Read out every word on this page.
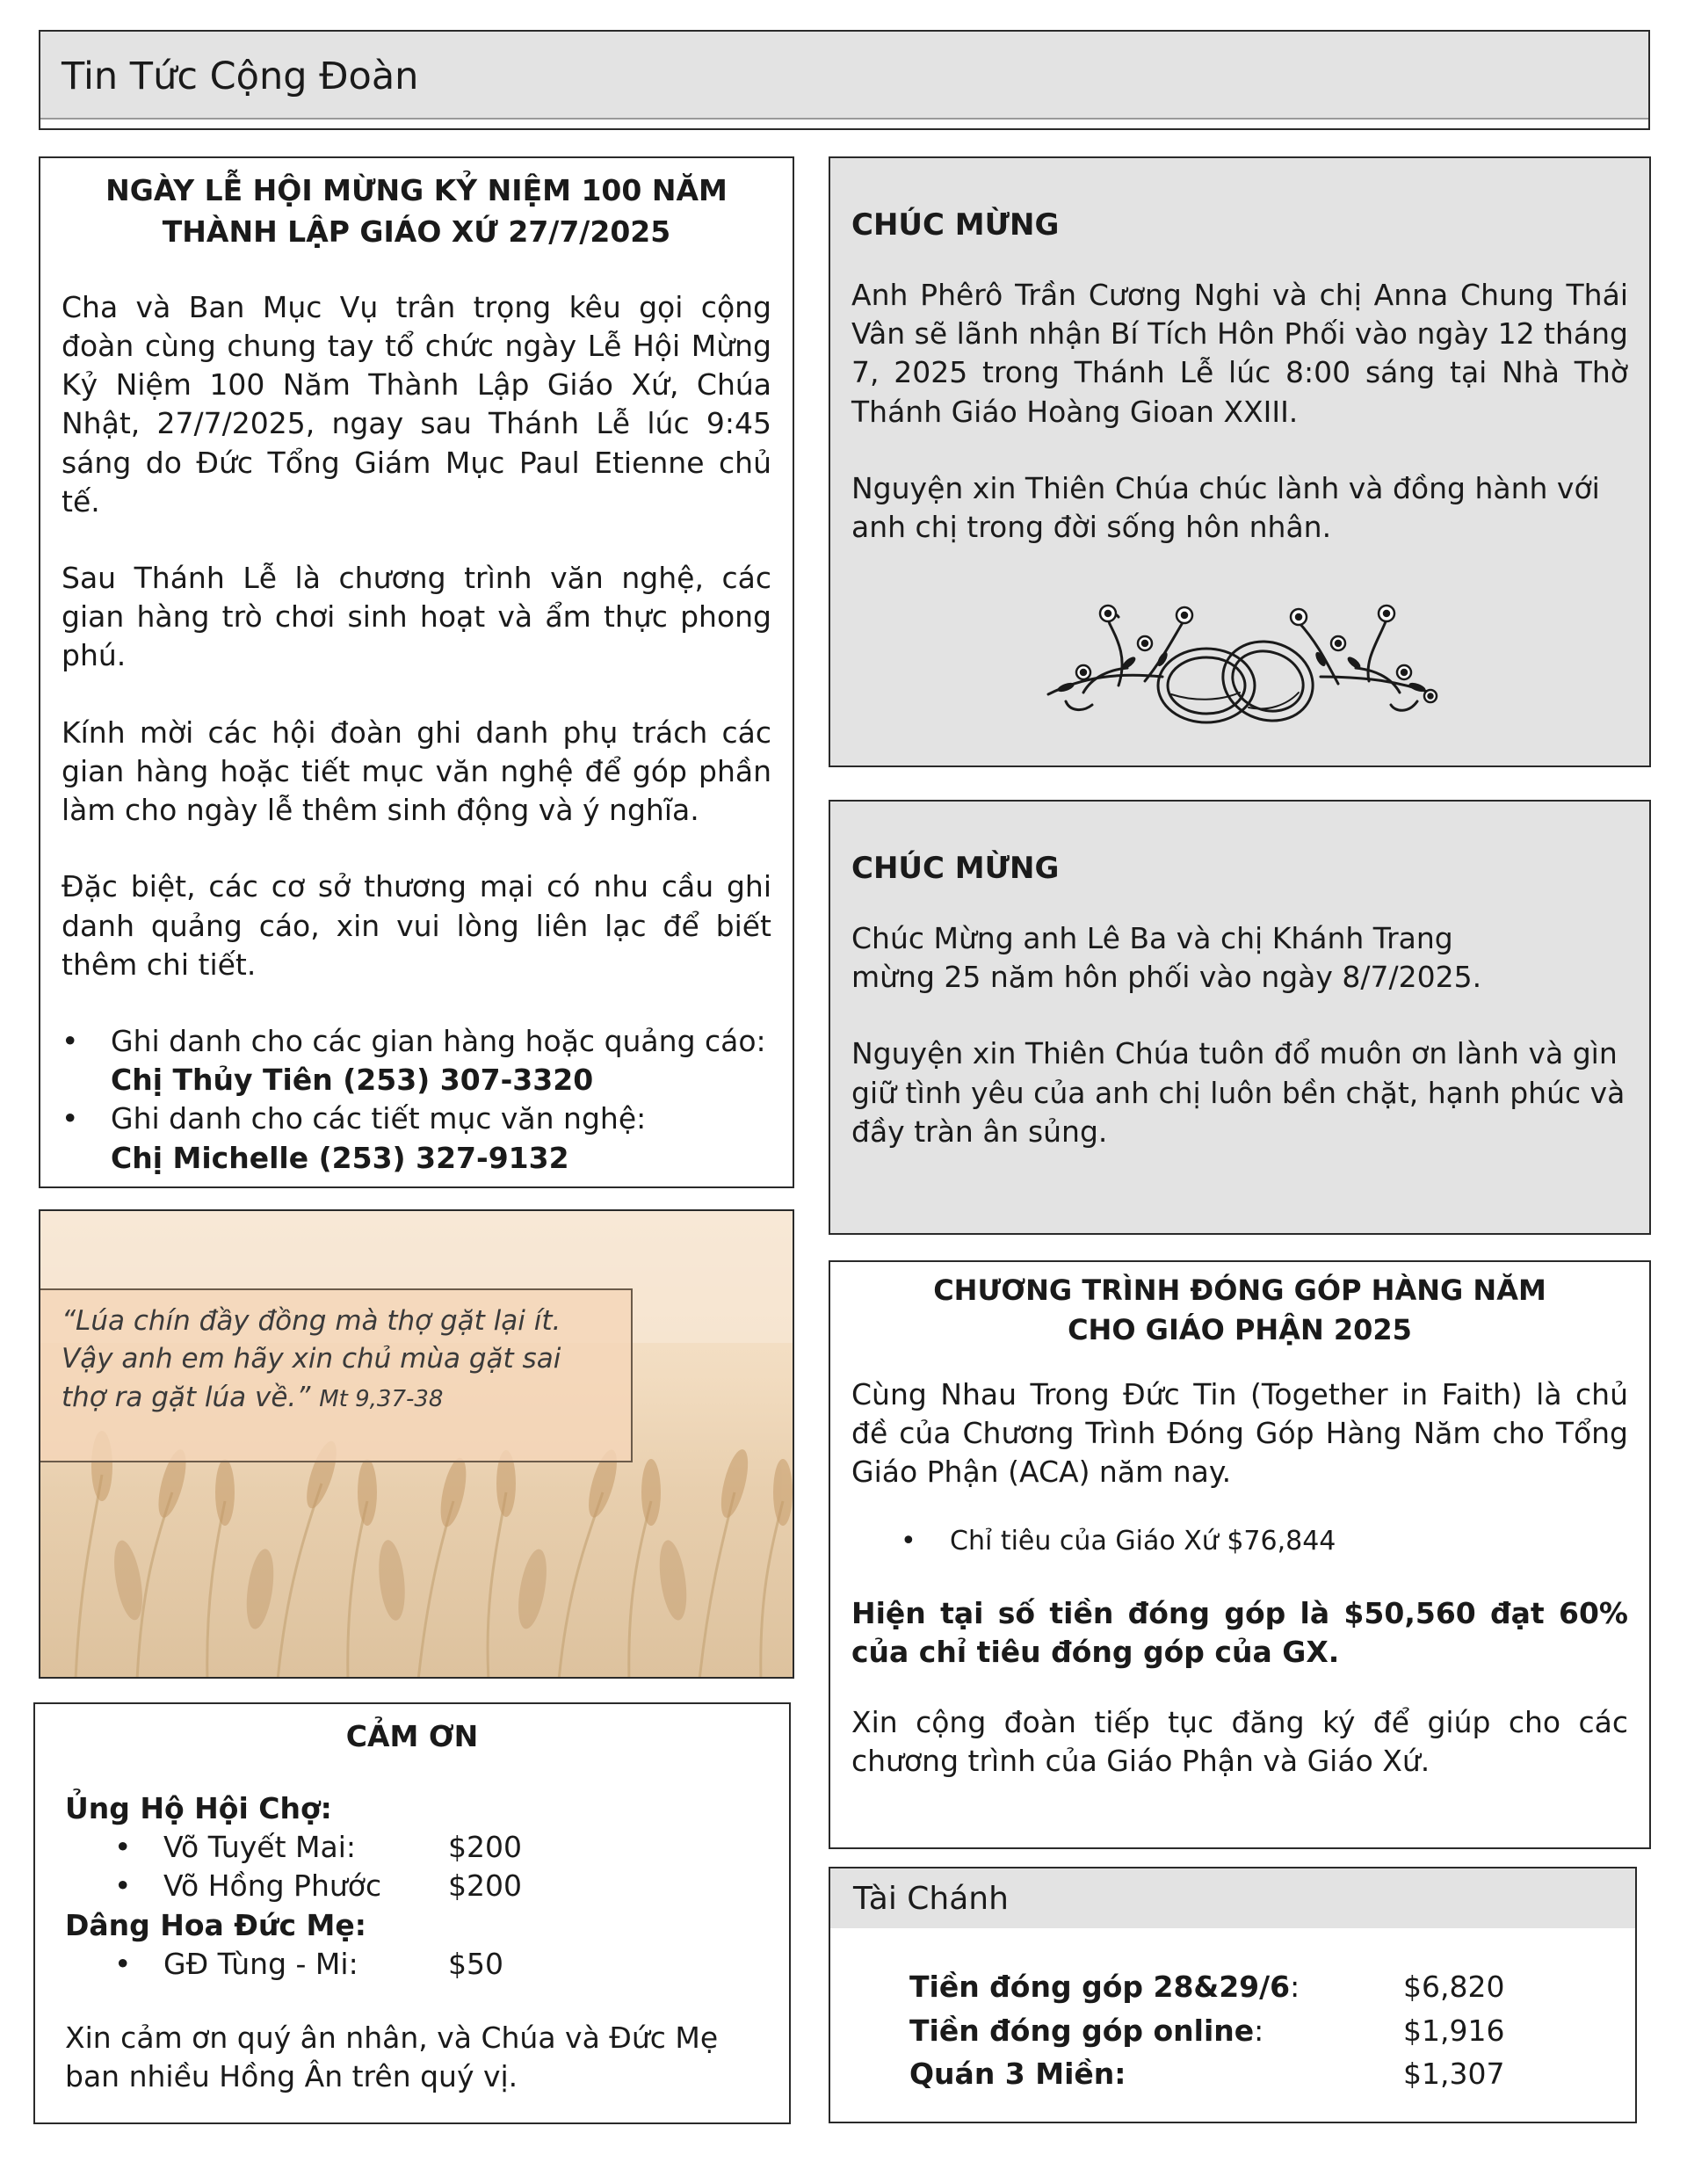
Tin Tức Cộng Đoàn
NGÀY LỄ HỘI MỪNG KỶ NIỆM 100 NĂM
THÀNH LẬP GIÁO XỨ 27/7/2025

Cha và Ban Mục Vụ trân trọng kêu gọi cộng đoàn cùng chung tay tổ chức ngày Lễ Hội Mừng Kỷ Niệm 100 Năm Thành Lập Giáo Xứ, Chúa Nhật, 27/7/2025, ngay sau Thánh Lễ lúc 9:45 sáng do Đức Tổng Giám Mục Paul Etienne chủ tế.

Sau Thánh Lễ là chương trình văn nghệ, các gian hàng trò chơi sinh hoạt và ẩm thực phong phú.

Kính mời các hội đoàn ghi danh phụ trách các gian hàng hoặc tiết mục văn nghệ để góp phần làm cho ngày lễ thêm sinh động và ý nghĩa.

Đặc biệt, các cơ sở thương mại có nhu cầu ghi danh quảng cáo, xin vui lòng liên lạc để biết thêm chi tiết.

• Ghi danh cho các gian hàng hoặc quảng cáo:
Chị Thủy Tiên (253) 307-3320
• Ghi danh cho các tiết mục văn nghệ:
Chị Michelle (253) 327-9132
CHÚC MỪNG

Anh Phêrô Trần Cương Nghi và chị Anna Chung Thái Vân sẽ lãnh nhận Bí Tích Hôn Phối vào ngày 12 tháng 7, 2025 trong Thánh Lễ lúc 8:00 sáng tại Nhà Thờ Thánh Giáo Hoàng Gioan XXIII.

Nguyện xin Thiên Chúa chúc lành và đồng hành với anh chị trong đời sống hôn nhân.

CHÚC MỪNG

Chúc Mừng anh Lê Ba và chị Khánh Trang
mừng 25 năm hôn phối vào ngày 8/7/2025.

Nguyện xin Thiên Chúa tuôn đổ muôn ơn lành và gìn giữ tình yêu của anh chị luôn bền chặt, hạnh phúc và đầy tràn ân sủng.

“Lúa chín đầy đồng mà thợ gặt lại ít. Vậy anh em hãy xin chủ mùa gặt sai thợ ra gặt lúa về.” Mt 9,37-38

CHƯƠNG TRÌNH ĐÓNG GÓP HÀNG NĂM
CHO GIÁO PHẬN 2025

Cùng Nhau Trong Đức Tin (Together in Faith) là chủ đề của Chương Trình Đóng Góp Hàng Năm cho Tổng Giáo Phận (ACA) năm nay.

• Chỉ tiêu của Giáo Xứ $76,844

Hiện tại số tiền đóng góp là $50,560 đạt 60% của chỉ tiêu đóng góp của GX.

Xin cộng đoàn tiếp tục đăng ký để giúp cho các chương trình của Giáo Phận và Giáo Xứ.

CẢM ƠN
Ủng Hộ Hội Chợ:
• Võ Tuyết Mai:	$200
• Võ Hồng Phước	$200
Dâng Hoa Đức Mẹ:
• GĐ Tùng - Mi:	$50

Xin cảm ơn quý ân nhân, và Chúa và Đức Mẹ ban nhiều Hồng Ân trên quý vị.

Tài Chánh
Tiền đóng góp 28&29/6:	$6,820
Tiền đóng góp online:	$1,916
Quán 3 Miền:	$1,307
